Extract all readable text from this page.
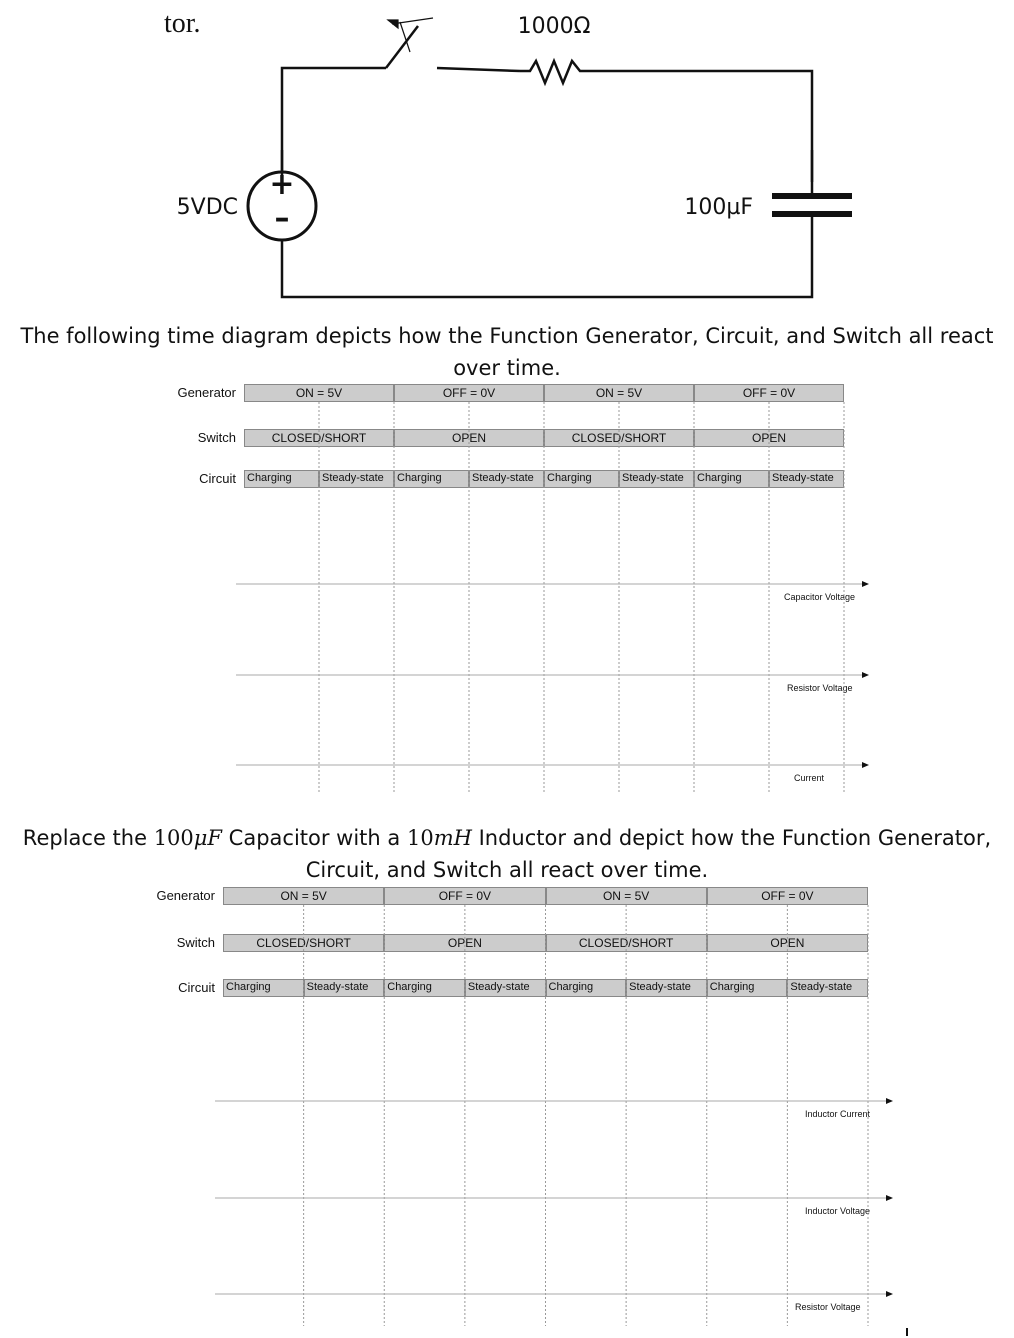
tor.
+
–
1000Ω
5VDC	100µF
The following time diagram depicts how the Function Generator, Circuit, and Switch all react
over time.
Generator
Switch
Circuit
ON = 5V	OFF = 0V	ON = 5V	OFF = 0V
CLOSED/SHORT	OPEN	CLOSED/SHORT	OPEN
Charging	Steady-state	Charging	Steady-state	Charging	Steady-state	Charging	Steady-state
Capacitor Voltage
Resistor Voltage
Current
Replace the 100μF Capacitor with a 10mH Inductor and depict how the Function Generator,
Circuit, and Switch all react over time.
Generator
Switch
Circuit
ON = 5V	OFF = 0V	ON = 5V	OFF = 0V
CLOSED/SHORT	OPEN	CLOSED/SHORT	OPEN
Charging	Steady-state	Charging	Steady-state	Charging	Steady-state	Charging	Steady-state
Inductor Current
Inductor Voltage
Resistor Voltage
